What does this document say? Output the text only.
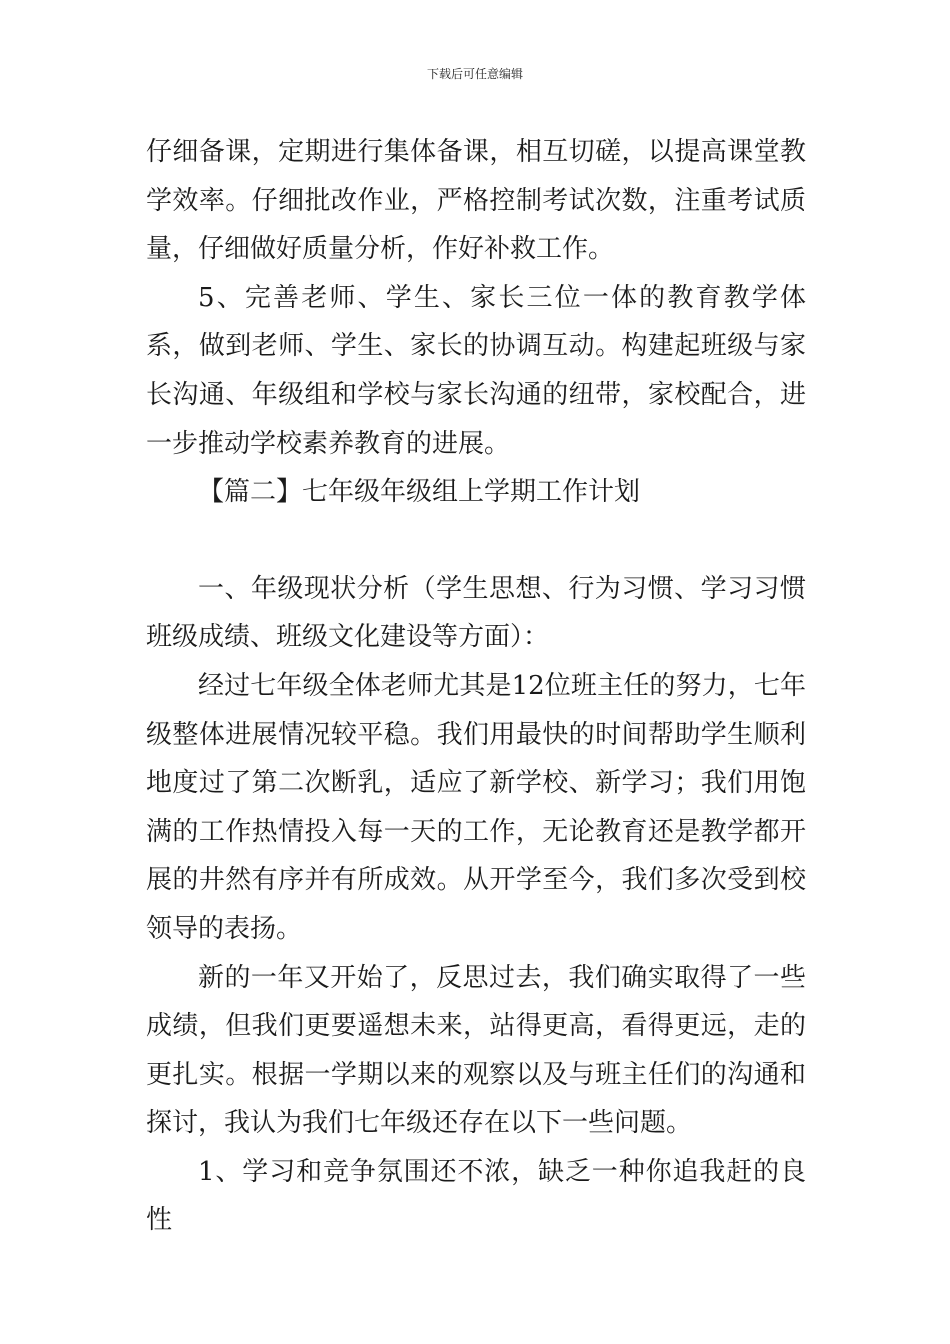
下载后可任意编辑

仔细备课，定期进行集体备课，相互切磋，以提高课堂教学效率。仔细批改作业，严格控制考试次数，注重考试质量，仔细做好质量分析，作好补救工作。

5、完善老师、学生、家长三位一体的教育教学体系，做到老师、学生、家长的协调互动。构建起班级与家长沟通、年级组和学校与家长沟通的纽带，家校配合，进一步推动学校素养教育的进展。

【篇二】七年级年级组上学期工作计划

一、年级现状分析（学生思想、行为习惯、学习习惯班级成绩、班级文化建设等方面）：

经过七年级全体老师尤其是12位班主任的努力，七年级整体进展情况较平稳。我们用最快的时间帮助学生顺利地度过了第二次断乳，适应了新学校、新学习；我们用饱满的工作热情投入每一天的工作，无论教育还是教学都开展的井然有序并有所成效。从开学至今，我们多次受到校领导的表扬。

新的一年又开始了，反思过去，我们确实取得了一些成绩，但我们更要遥想未来，站得更高，看得更远，走的更扎实。根据一学期以来的观察以及与班主任们的沟通和探讨，我认为我们七年级还存在以下一些问题。

1、学习和竞争氛围还不浓，缺乏一种你追我赶的良性
